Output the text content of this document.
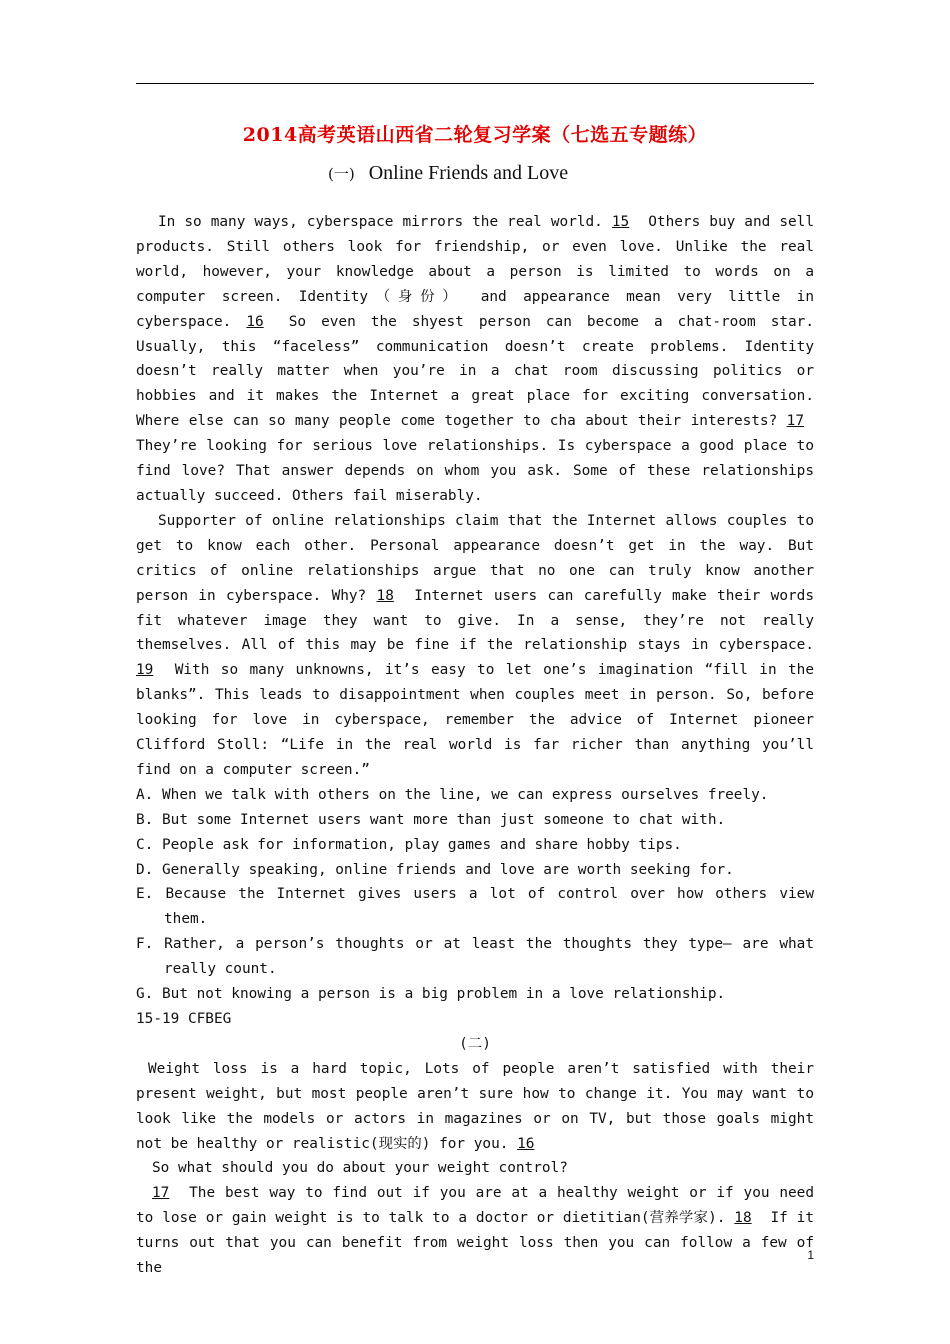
2014高考英语山西省二轮复习学案（七选五专题练）
(一) Online Friends and Love

In so many ways, cyberspace mirrors the real world. 15 Others buy and sell products. Still others look for friendship, or even love. Unlike the real world, however, your knowledge about a person is limited to words on a computer screen. Identity（身份） and appearance mean very little in cyberspace. 16 So even the shyest person can become a chat-room star. Usually, this “faceless” communication doesn’t create problems. Identity doesn’t really matter when you’re in a chat room discussing politics or hobbies and it makes the Internet a great place for exciting conversation. Where else can so many people come together to cha about their interests? 17 They’re looking for serious love relationships. Is cyberspace a good place to find love? That answer depends on whom you ask. Some of these relationships actually succeed. Others fail miserably.

Supporter of online relationships claim that the Internet allows couples to get to know each other. Personal appearance doesn’t get in the way. But critics of online relationships argue that no one can truly know another person in cyberspace. Why? 18 Internet users can carefully make their words fit whatever image they want to give. In a sense, they’re not really themselves. All of this may be fine if the relationship stays in cyberspace. 19 With so many unknowns, it’s easy to let one’s imagination “fill in the blanks”. This leads to disappointment when couples meet in person. So, before looking for love in cyberspace, remember the advice of Internet pioneer Clifford Stoll: “Life in the real world is far richer than anything you’ll find on a computer screen.”

A. When we talk with others on the line, we can express ourselves freely.

B. But some Internet users want more than just someone to chat with.

C. People ask for information, play games and share hobby tips.

D. Generally speaking, online friends and love are worth seeking for.

E. Because the Internet gives users a lot of control over how others view them.

F. Rather, a person’s thoughts or at least the thoughts they type— are what really count.

G. But not knowing a person is a big problem in a love relationship.

15-19 CFBEG

(二)

Weight loss is a hard topic, Lots of people aren’t satisfied with their present weight, but most people aren’t sure how to change it. You may want to look like the models or actors in magazines or on TV, but those goals might not be healthy or realistic(现实的) for you. 16

So what should you do about your weight control?

17 The best way to find out if you are at a healthy weight or if you need to lose or gain weight is to talk to a doctor or dietitian(营养学家). 18 If it turns out that you can benefit from weight loss then you can follow a few of the

1
